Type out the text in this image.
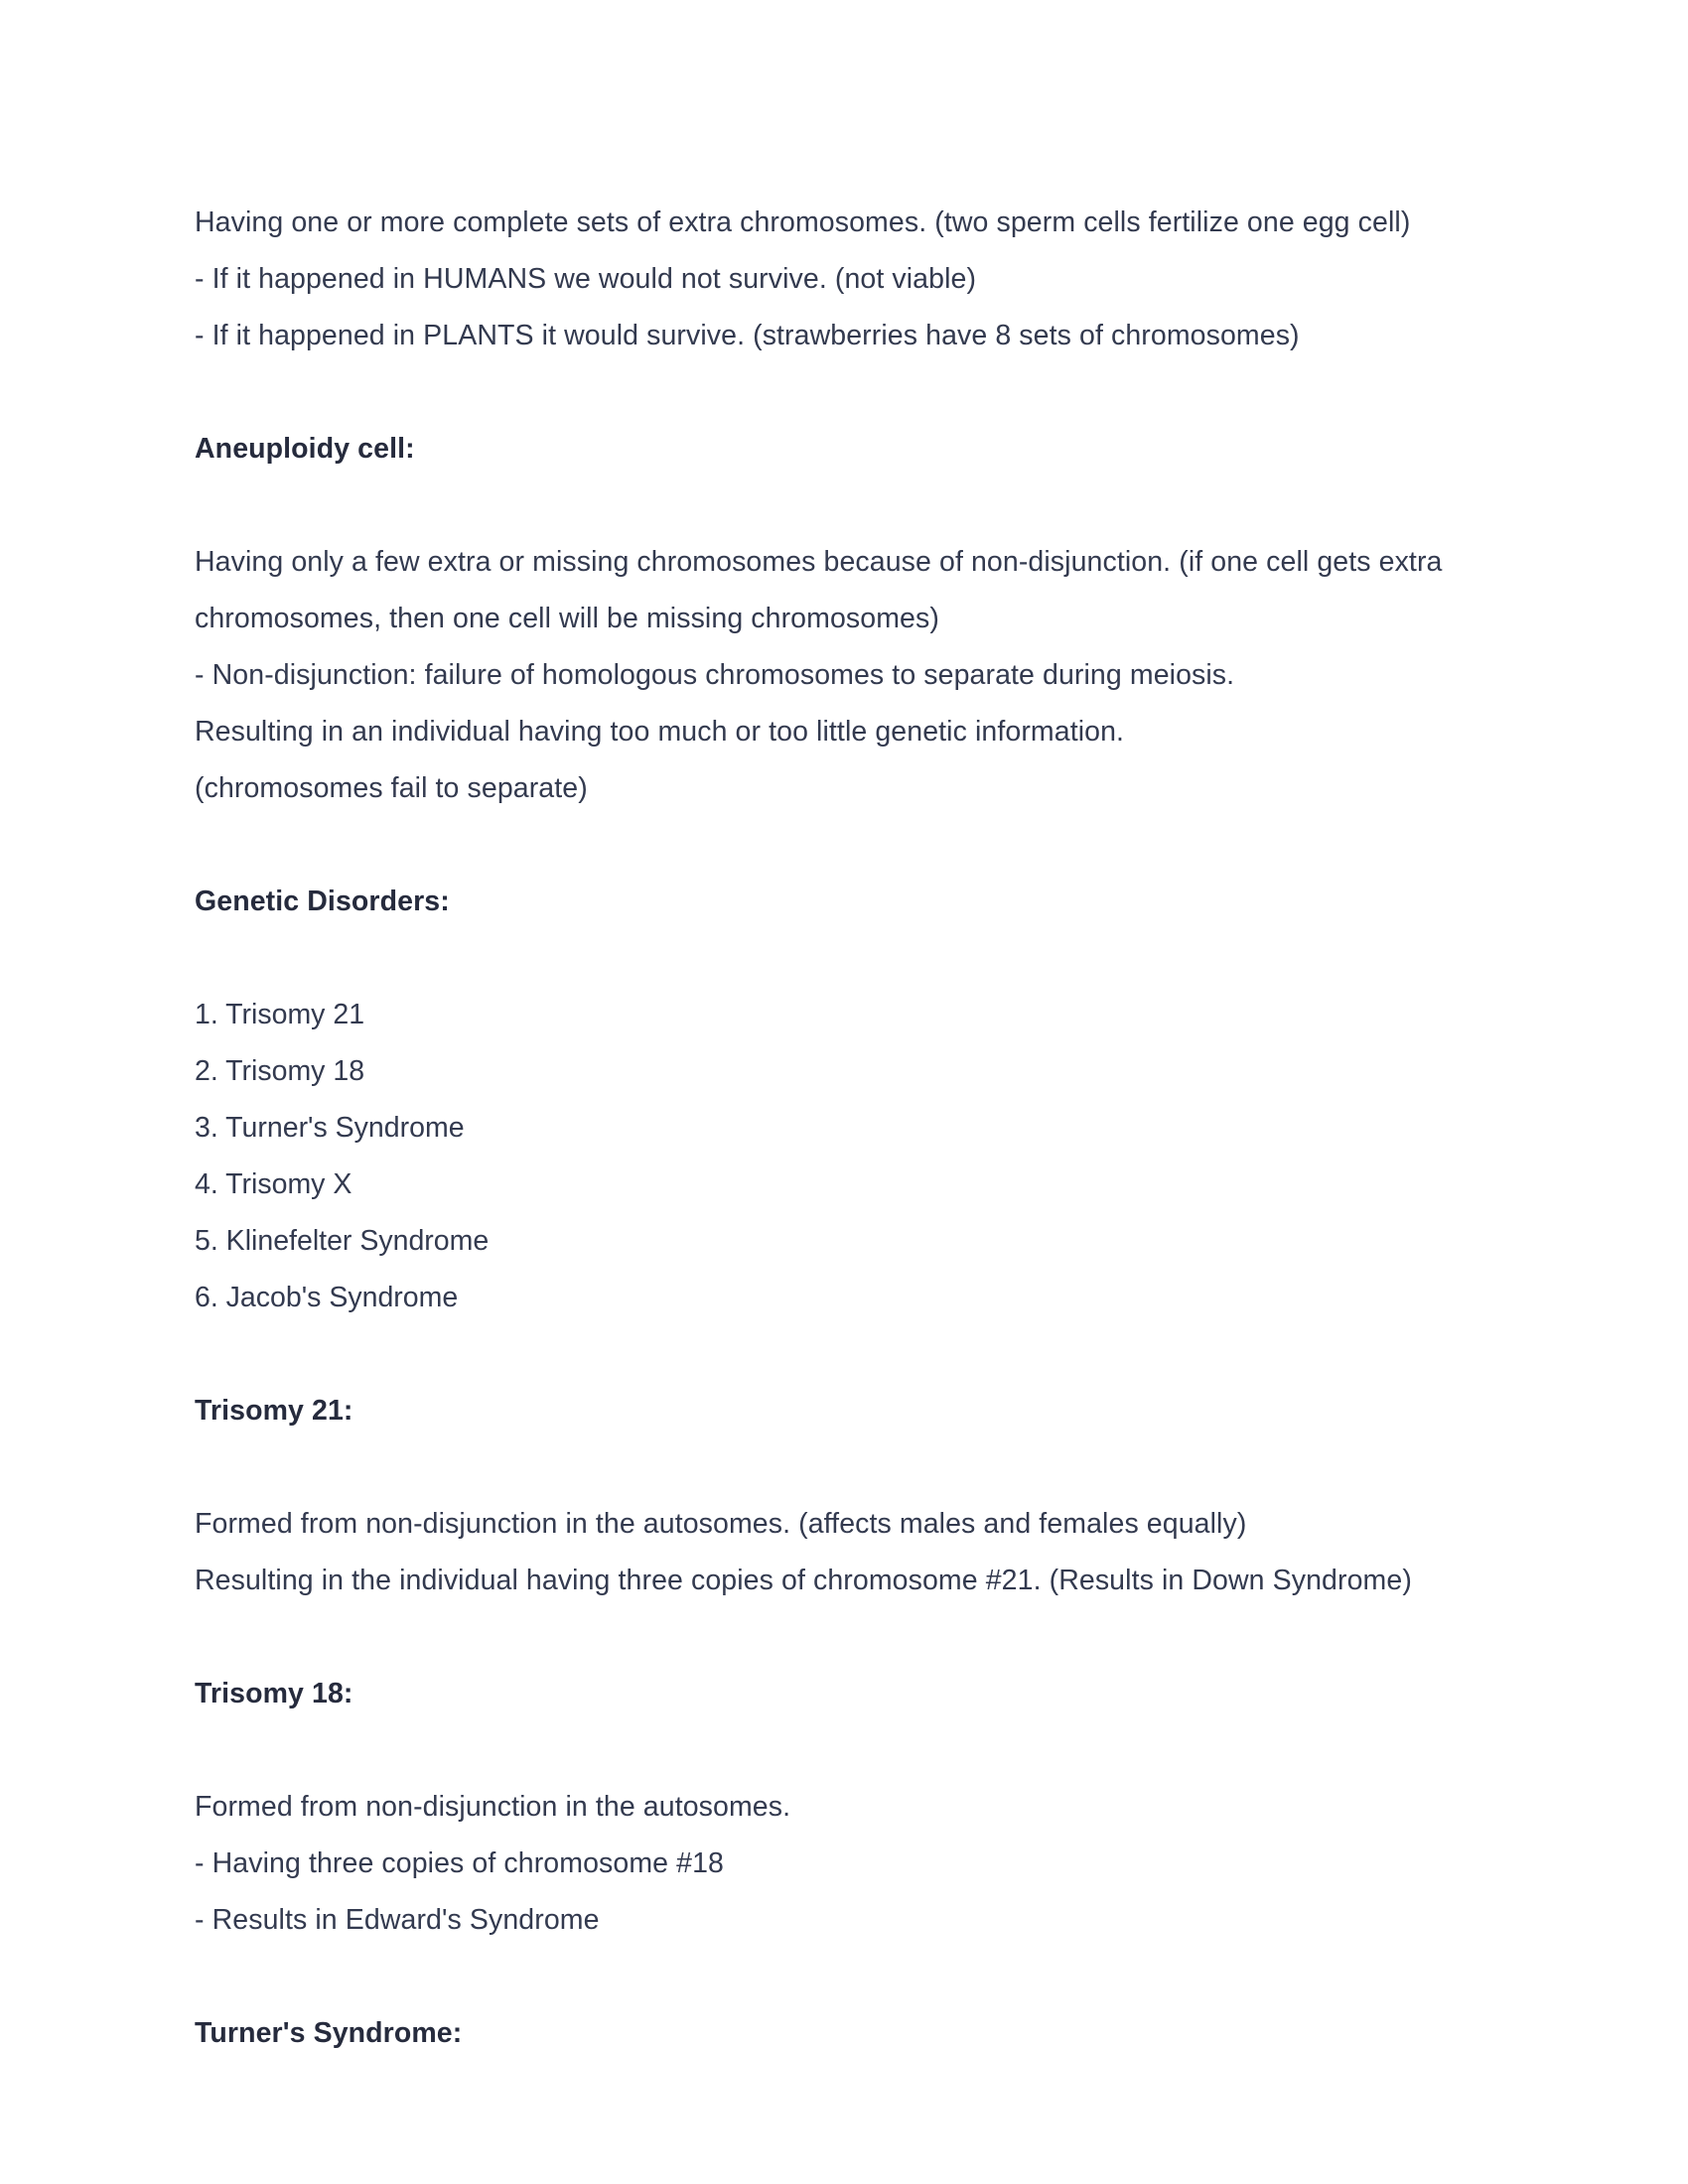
Having one or more complete sets of extra chromosomes. (two sperm cells fertilize one egg cell)
- If it happened in HUMANS we would not survive. (not viable)
- If it happened in PLANTS it would survive. (strawberries have 8 sets of chromosomes)

Aneuploidy cell:

Having only a few extra or missing chromosomes because of non-disjunction. (if one cell gets extra chromosomes, then one cell will be missing chromosomes)
- Non-disjunction: failure of homologous chromosomes to separate during meiosis.
Resulting in an individual having too much or too little genetic information.
(chromosomes fail to separate)

Genetic Disorders:
1. Trisomy 21
2. Trisomy 18
3. Turner's Syndrome
4. Trisomy X
5. Klinefelter Syndrome
6. Jacob's Syndrome
Trisomy 21:

Formed from non-disjunction in the autosomes. (affects males and females equally)
Resulting in the individual having three copies of chromosome #21. (Results in Down Syndrome)

Trisomy 18:

Formed from non-disjunction in the autosomes.
- Having three copies of chromosome #18
- Results in Edward's Syndrome

Turner's Syndrome:
